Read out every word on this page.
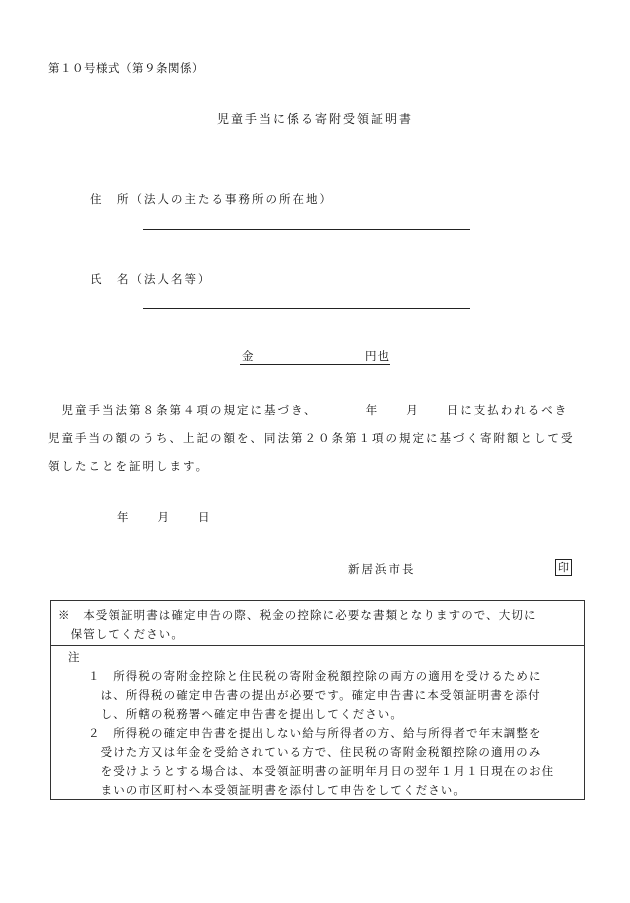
第１０号様式（第９条関係）
児童手当に係る寄附受領証明書
住　所（法人の主たる事務所の所在地）
氏　名（法人名等）
金	円也
　児童手当法第８条第４項の規定に基づき、　　　　年　　月　　日に支払われるべき
児童手当の額のうち、上記の額を、同法第２０条第１項の規定に基づく寄附額として受
領したことを証明します。
年　　月　　日
新居浜市長	印
※　本受領証明書は確定申告の際、税金の控除に必要な書類となりますので、大切に
　保管してください。
注
１　所得税の寄附金控除と住民税の寄附金税額控除の両方の適用を受けるために
　は、所得税の確定申告書の提出が必要です。確定申告書に本受領証明書を添付
　し、所轄の税務署へ確定申告書を提出してください。
２　所得税の確定申告書を提出しない給与所得者の方、給与所得者で年末調整を
　受けた方又は年金を受給されている方で、住民税の寄附金税額控除の適用のみ
　を受けようとする場合は、本受領証明書の証明年月日の翌年１月１日現在のお住
　まいの市区町村へ本受領証明書を添付して申告をしてください。
